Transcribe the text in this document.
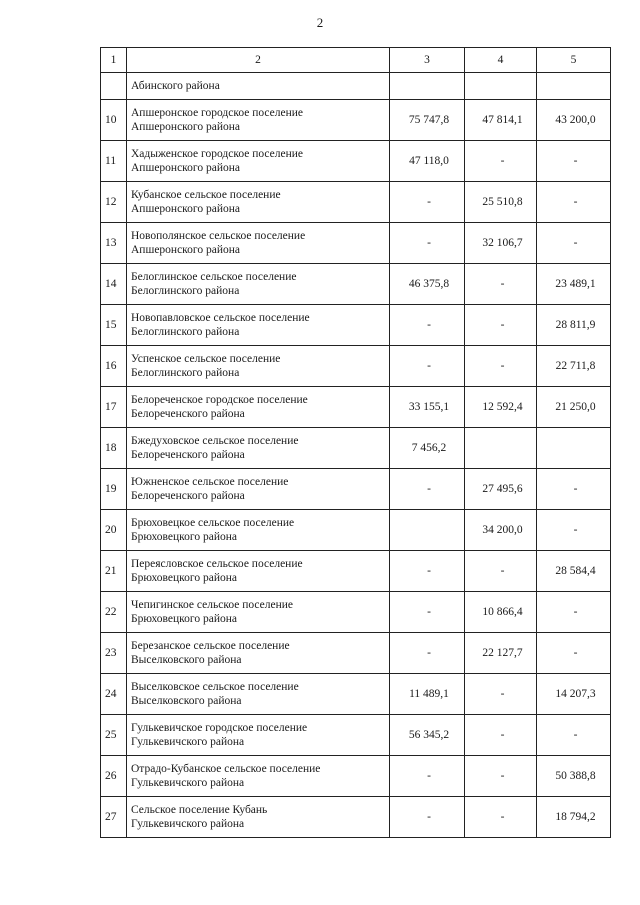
2
1	2	3	4	5
	Абинского района			
10	Апшеронское городское поселение
Апшеронского района	75 747,8	47 814,1	43 200,0
11	Хадыженское городское поселение
Апшеронского района	47 118,0	-	-
12	Кубанское сельское поселение
Апшеронского района	-	25 510,8	-
13	Новополянское сельское поселение
Апшеронского района	-	32 106,7	-
14	Белоглинское сельское поселение
Белоглинского района	46 375,8	-	23 489,1
15	Новопавловское сельское поселение
Белоглинского района	-	-	28 811,9
16	Успенское сельское поселение
Белоглинского района	-	-	22 711,8
17	Белореченское городское поселение
Белореченского района	33 155,1	12 592,4	21 250,0
18	Бжедуховское сельское поселение
Белореченского района	7 456,2		
19	Южненское сельское поселение
Белореченского района	-	27 495,6	-
20	Брюховецкое сельское поселение
Брюховецкого района		34 200,0	-
21	Переясловское сельское поселение
Брюховецкого района	-	-	28 584,4
22	Чепигинское сельское поселение
Брюховецкого района	-	10 866,4	-
23	Березанское сельское поселение
Выселковского района	-	22 127,7	-
24	Выселковское сельское поселение
Выселковского района	11 489,1	-	14 207,3
25	Гулькевичское городское поселение
Гулькевичского района	56 345,2	-	-
26	Отрадо-Кубанское сельское поселение
Гулькевичского района	-	-	50 388,8
27	Сельское поселение Кубань
Гулькевичского района	-	-	18 794,2
